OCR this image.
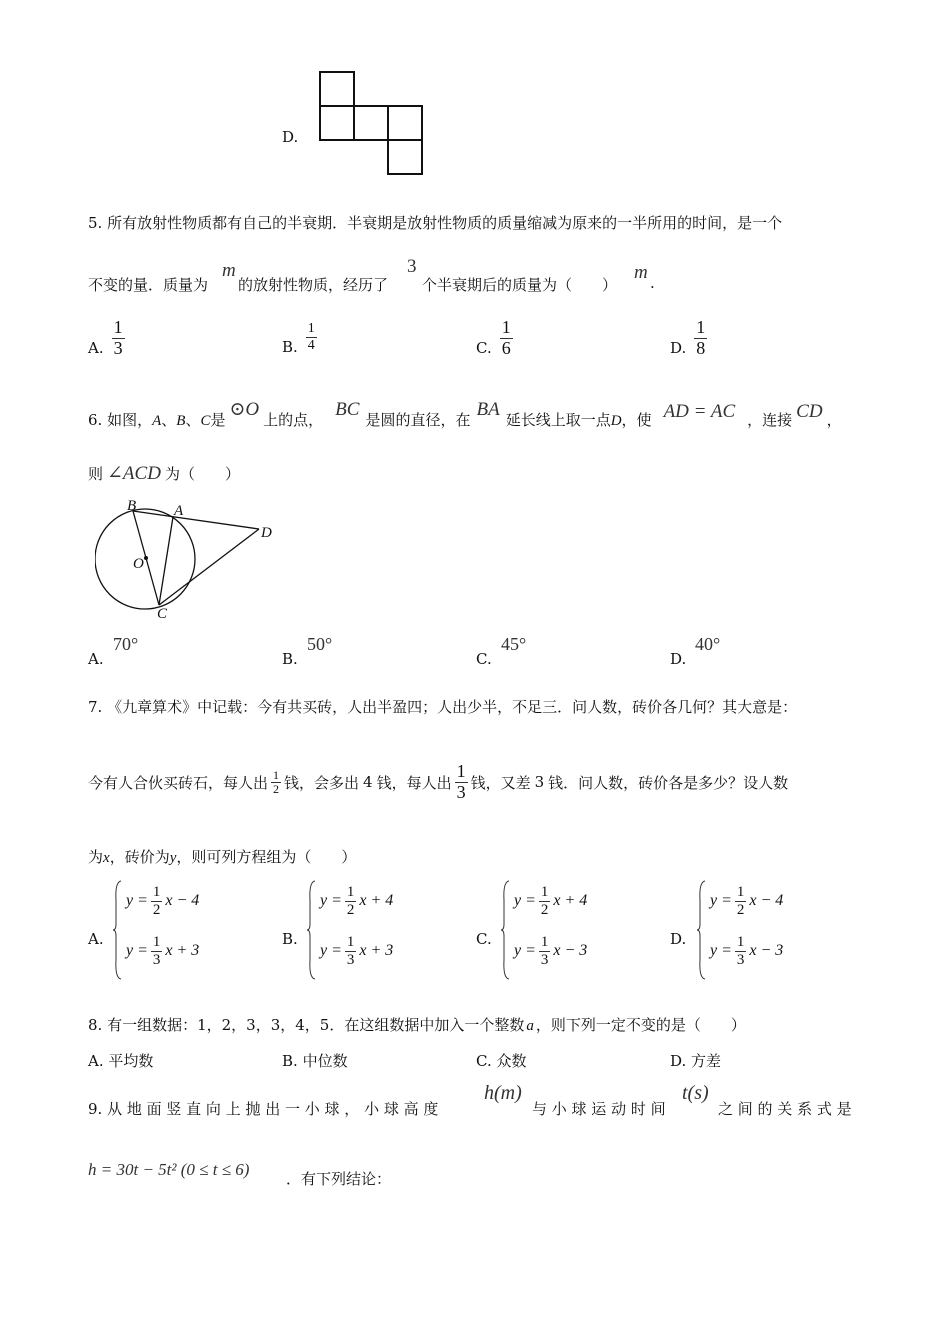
D.
5. 所有放射性物质都有自己的半衰期．半衰期是放射性物质的质量缩减为原来的一半所用的时间，是一个
不变的量．质量为
m
的放射性物质，经历了
3
个半衰期后的质量为（　　）
m .
A. $\frac{1}{3}$	B. $\frac{1}{4}$	C. $\frac{1}{6}$	D. $\frac{1}{8}$
6. 如图， A 、 B 、 C 是 ⊙O 上的点， BC 是圆的直径，在 BA 延长线上取一点 D ，使 AD = AC ，连接 CD ，
则 ∠ACD 为（　　）
B	A
D
O
C
A.
70°
B.
50°
C.
45°
D.
40°
7. 《九章算术》中记载：今有共买砖，人出半盈四；人出少半，不足三．问人数，砖价各几何？其大意是：
今有人合伙买砖石，每人出 $\frac{1}{2}$ 钱，会多出 4 钱，每人出 $\frac{1}{3}$ 钱，又差 3 钱．问人数，砖价各是多少？设人数
为 x ，砖价为 y ，则可列方程组为（　　）
A.
$y = \frac{1}{2}$ x − 4
$y = \frac{1}{3}$ x + 3
B.
$y = \frac{1}{2}$ x + 4
$y = \frac{1}{3}$ x + 3
C.
$y = \frac{1}{2}$ x + 4
$y = \frac{1}{3}$ x − 3
D.
$y = \frac{1}{2}$ x − 4
$y = \frac{1}{3}$ x − 3
8. 有一组数据：1，2，3，3，4，5．在这组数据中加入一个整数 a ，则下列一定不变的是（　　）
A. 平均数	B. 中位数	C. 众数	D. 方差
9. 从 地 面 竖 直 向 上 抛 出 一 小 球 ， 小 球 高 度
h(m)
与 小 球 运 动 时 间
t(s)
之 间 的 关 系 式 是
h = 30t − 5t² (0 ≤ t ≤ 6) ．有下列结论：
